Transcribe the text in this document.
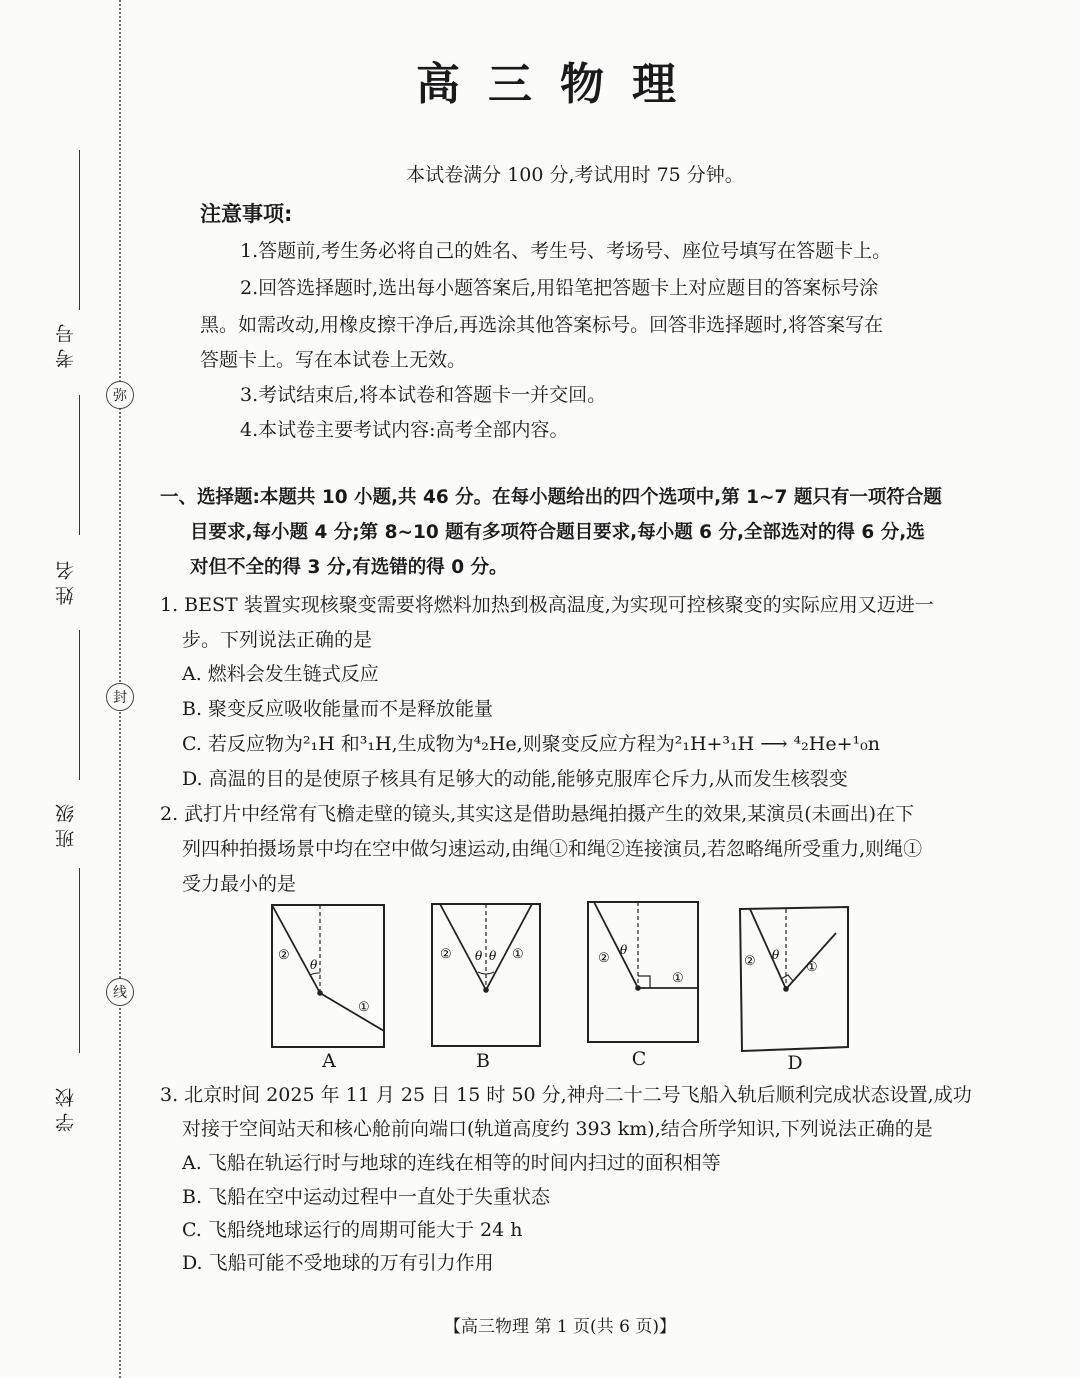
考号
姓名
班级
学校
弥
封
线
高三物理
本试卷满分 100 分,考试用时 75 分钟。
注意事项:
1.答题前,考生务必将自己的姓名、考生号、考场号、座位号填写在答题卡上。
2.回答选择题时,选出每小题答案后,用铅笔把答题卡上对应题目的答案标号涂
黑。如需改动,用橡皮擦干净后,再选涂其他答案标号。回答非选择题时,将答案写在
答题卡上。写在本试卷上无效。
3.考试结束后,将本试卷和答题卡一并交回。
4.本试卷主要考试内容:高考全部内容。
一、选择题:本题共 10 小题,共 46 分。在每小题给出的四个选项中,第 1~7 题只有一项符合题
目要求,每小题 4 分;第 8~10 题有多项符合题目要求,每小题 6 分,全部选对的得 6 分,选
对但不全的得 3 分,有选错的得 0 分。
1. BEST 装置实现核聚变需要将燃料加热到极高温度,为实现可控核聚变的实际应用又迈进一
步。下列说法正确的是
A. 燃料会发生链式反应
B. 聚变反应吸收能量而不是释放能量
C. 若反应物为²₁H 和³₁H,生成物为⁴₂He,则聚变反应方程为²₁H+³₁H ⟶ ⁴₂He+¹₀n
D. 高温的目的是使原子核具有足够大的动能,能够克服库仑斥力,从而发生核裂变
2. 武打片中经常有飞檐走壁的镜头,其实这是借助悬绳拍摄产生的效果,某演员(未画出)在下
列四种拍摄场景中均在空中做匀速运动,由绳①和绳②连接演员,若忽略绳所受重力,则绳①
受力最小的是
θ
②
①
A
θ θ
②	①
B
θ
②
①
C
θ
②	①
D
3. 北京时间 2025 年 11 月 25 日 15 时 50 分,神舟二十二号飞船入轨后顺利完成状态设置,成功
对接于空间站天和核心舱前向端口(轨道高度约 393 km),结合所学知识,下列说法正确的是
A. 飞船在轨运行时与地球的连线在相等的时间内扫过的面积相等
B. 飞船在空中运动过程中一直处于失重状态
C. 飞船绕地球运行的周期可能大于 24 h
D. 飞船可能不受地球的万有引力作用
【高三物理 第 1 页(共 6 页)】
